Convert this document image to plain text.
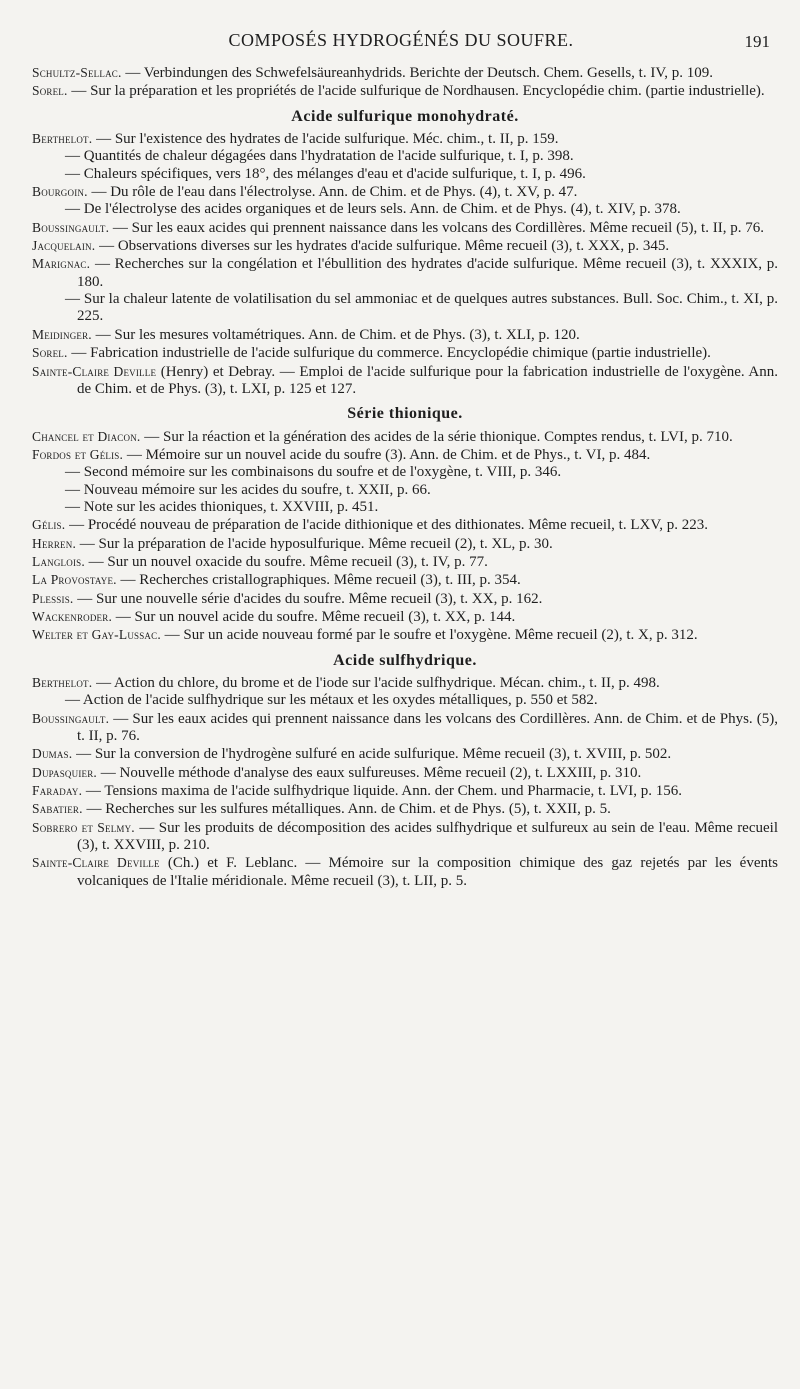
COMPOSÉS HYDROGÉNÉS DU SOUFRE.	191

Schultz-Sellac. — Verbindungen des Schwefelsäureanhydrids. Berichte der Deutsch. Chem. Gesells, t. IV, p. 109.

Sorel. — Sur la préparation et les propriétés de l'acide sulfurique de Nordhausen. Encyclopédie chim. (partie industrielle).

Acide sulfurique monohydraté.

Berthelot. — Sur l'existence des hydrates de l'acide sulfurique. Méc. chim., t. II, p. 159.

— Quantités de chaleur dégagées dans l'hydratation de l'acide sulfurique, t. I, p. 398.

— Chaleurs spécifiques, vers 18°, des mélanges d'eau et d'acide sulfurique, t. I, p. 496.

Bourgoin. — Du rôle de l'eau dans l'électrolyse. Ann. de Chim. et de Phys. (4), t. XV, p. 47.

— De l'électrolyse des acides organiques et de leurs sels. Ann. de Chim. et de Phys. (4), t. XIV, p. 378.

Boussingault. — Sur les eaux acides qui prennent naissance dans les volcans des Cordillères. Même recueil (5), t. II, p. 76.

Jacquelain. — Observations diverses sur les hydrates d'acide sulfurique. Même recueil (3), t. XXX, p. 345.

Marignac. — Recherches sur la congélation et l'ébullition des hydrates d'acide sulfurique. Même recueil (3), t. XXXIX, p. 180.

— Sur la chaleur latente de volatilisation du sel ammoniac et de quelques autres substances. Bull. Soc. Chim., t. XI, p. 225.

Meidinger. — Sur les mesures voltamétriques. Ann. de Chim. et de Phys. (3), t. XLI, p. 120.

Sorel. — Fabrication industrielle de l'acide sulfurique du commerce. Encyclopédie chimique (partie industrielle).

Sainte-Claire Deville (Henry) et Debray. — Emploi de l'acide sulfurique pour la fabrication industrielle de l'oxygène. Ann. de Chim. et de Phys. (3), t. LXI, p. 125 et 127.

Série thionique.

Chancel et Diacon. — Sur la réaction et la génération des acides de la série thionique. Comptes rendus, t. LVI, p. 710.

Fordos et Gélis. — Mémoire sur un nouvel acide du soufre (3). Ann. de Chim. et de Phys., t. VI, p. 484.

— Second mémoire sur les combinaisons du soufre et de l'oxygène, t. VIII, p. 346.

— Nouveau mémoire sur les acides du soufre, t. XXII, p. 66.

— Note sur les acides thioniques, t. XXVIII, p. 451.

Gélis. — Procédé nouveau de préparation de l'acide dithionique et des dithionates. Même recueil, t. LXV, p. 223.

Herren. — Sur la préparation de l'acide hyposulfurique. Même recueil (2), t. XL, p. 30.

Langlois. — Sur un nouvel oxacide du soufre. Même recueil (3), t. IV, p. 77.

La Provostaye. — Recherches cristallographiques. Même recueil (3), t. III, p. 354.

Plessis. — Sur une nouvelle série d'acides du soufre. Même recueil (3), t. XX, p. 162.

Wackenroder. — Sur un nouvel acide du soufre. Même recueil (3), t. XX, p. 144.

Welter et Gay-Lussac. — Sur un acide nouveau formé par le soufre et l'oxygène. Même recueil (2), t. X, p. 312.

Acide sulfhydrique.

Berthelot. — Action du chlore, du brome et de l'iode sur l'acide sulfhydrique. Mécan. chim., t. II, p. 498.

— Action de l'acide sulfhydrique sur les métaux et les oxydes métalliques, p. 550 et 582.

Boussingault. — Sur les eaux acides qui prennent naissance dans les volcans des Cordillères. Ann. de Chim. et de Phys. (5), t. II, p. 76.

Dumas. — Sur la conversion de l'hydrogène sulfuré en acide sulfurique. Même recueil (3), t. XVIII, p. 502.

Dupasquier. — Nouvelle méthode d'analyse des eaux sulfureuses. Même recueil (2), t. LXXIII, p. 310.

Faraday. — Tensions maxima de l'acide sulfhydrique liquide. Ann. der Chem. und Pharmacie, t. LVI, p. 156.

Sabatier. — Recherches sur les sulfures métalliques. Ann. de Chim. et de Phys. (5), t. XXII, p. 5.

Sobrero et Selmy. — Sur les produits de décomposition des acides sulfhydrique et sulfureux au sein de l'eau. Même recueil (3), t. XXVIII, p. 210.

Sainte-Claire Deville (Ch.) et F. Leblanc. — Mémoire sur la composition chimique des gaz rejetés par les évents volcaniques de l'Italie méridionale. Même recueil (3), t. LII, p. 5.
